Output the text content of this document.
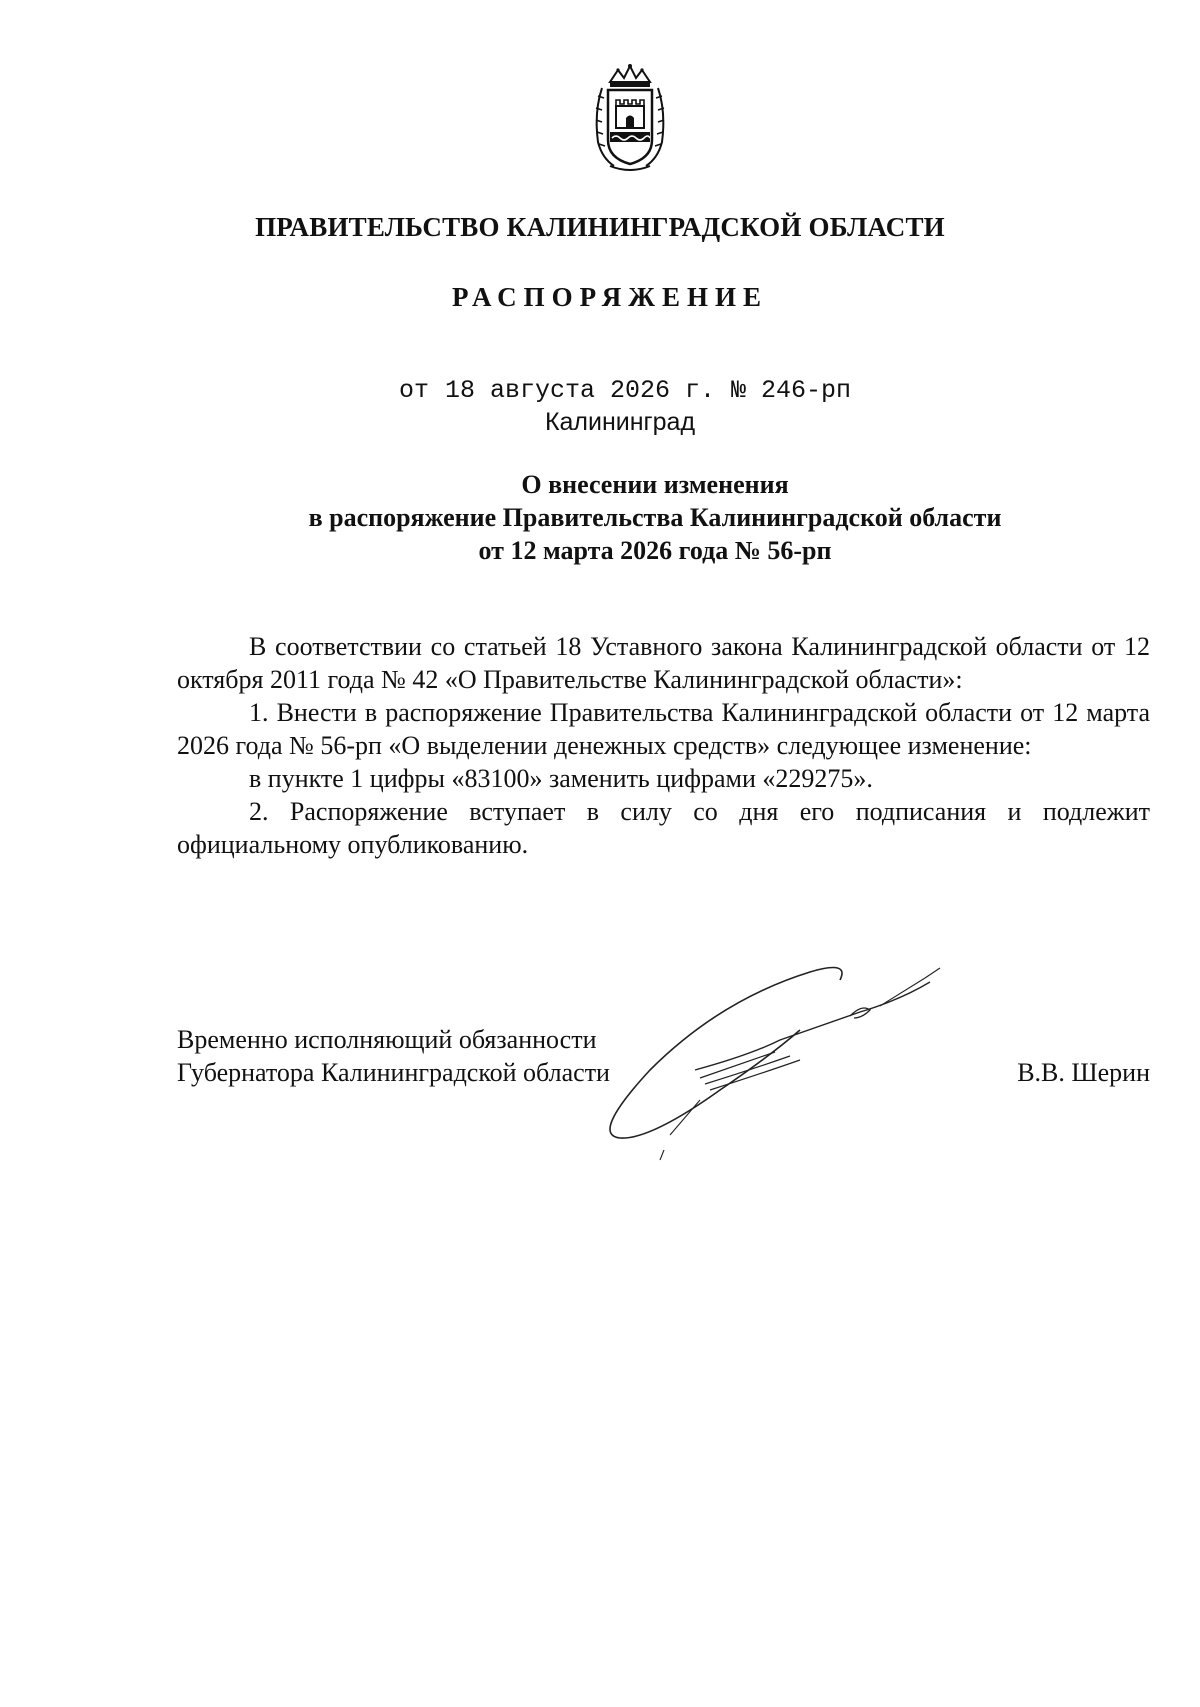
ПРАВИТЕЛЬСТВО КАЛИНИНГРАДСКОЙ ОБЛАСТИ
РАСПОРЯЖЕНИЕ
от 18 августа 2026 г. № 246-рп
Калининград
О внесении изменения
в распоряжение Правительства Калининградской области
от 12 марта 2026 года № 56-рп

В соответствии со статьей 18 Уставного закона Калининградской области от 12 октября 2011 года № 42 «О Правительстве Калининградской области»:

1. Внести в распоряжение Правительства Калининградской области от 12 марта 2026 года № 56-рп «О выделении денежных средств» следующее изменение:

в пункте 1 цифры «83100» заменить цифрами «229275».

2. Распоряжение вступает в силу со дня его подписания и подлежит официальному опубликованию.

Временно исполняющий обязанности
Губернатора Калининградской области	В.В. Шерин
